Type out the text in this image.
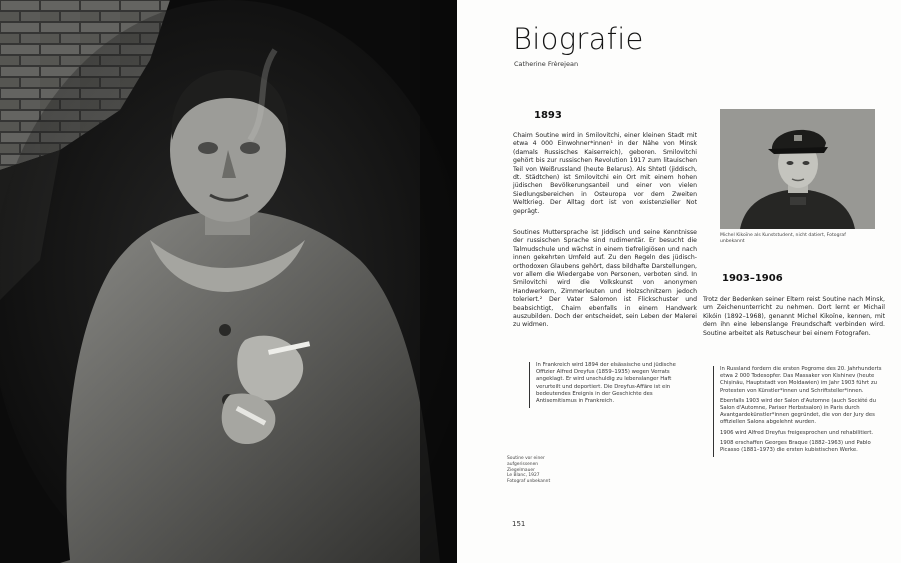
Biografie
Catherine Frèrejean
1893

Chaim Soutine wird in Smilovitchi, einer kleinen Stadt mit etwa 4 000 Einwohner*innen¹ in der Nähe von Minsk (damals Russisches Kaiserreich), geboren. Smilovitchi gehört bis zur russischen Revolution 1917 zum litauischen Teil von Weißrussland (heute Belarus). Als Shtetl (jiddisch, dt. Städtchen) ist Smilovitchi ein Ort mit einem hohen jüdischen Bevölkerungsanteil und einer von vielen Siedlungsbereichen in Osteuropa vor dem Zweiten Weltkrieg. Der Alltag dort ist von existenzieller Not geprägt.

Soutines Muttersprache ist Jiddisch und seine Kenntnisse der russischen Sprache sind rudimentär. Er besucht die Talmudschule und wächst in einem tiefreligiösen und nach innen gekehrten Umfeld auf. Zu den Regeln des jüdisch-orthodoxen Glaubens gehört, dass bildhafte Darstellungen, vor allem die Wiedergabe von Personen, verboten sind. In Smilovitchi wird die Volkskunst von anonymen Handwerkern, Zimmerleuten und Holzschnitzern jedoch toleriert.² Der Vater Salomon ist Flickschuster und beabsichtigt, Chaim ebenfalls in einem Handwerk auszubilden. Doch der entscheidet, sein Leben der Malerei zu widmen.

In Frankreich wird 1894 der elsässische und jüdische Offizier Alfred Dreyfus (1859–1935) wegen Verrats angeklagt. Er wird unschuldig zu lebenslanger Haft verurteilt und deportiert. Die Dreyfus-Affäre ist ein bedeutendes Ereignis in der Geschichte des Antisemitismus in Frankreich.

Michel Kikoïne als Kunststudent, nicht datiert, Fotograf unbekannt
1903–1906

Trotz der Bedenken seiner Eltern reist Soutine nach Minsk, um Zeichenunterricht zu nehmen. Dort lernt er Michail Kikóin (1892–1968), genannt Michel Kikoïne, kennen, mit dem ihn eine lebenslange Freundschaft verbinden wird. Soutine arbeitet als Retuscheur bei einem Fotografen.

In Russland fordern die ersten Pogrome des 20. Jahrhunderts etwa 2 000 Todesopfer. Das Massaker von Kishinev (heute Chișinău, Hauptstadt von Moldawien) im Jahr 1903 führt zu Protesten von Künstler*innen und Schriftsteller*innen.

Ebenfalls 1903 wird der Salon d'Automne (auch Société du Salon d'Automne, Pariser Herbstsalon) in Paris durch Avantgardekünstler*innen gegründet, die von der Jury des offiziellen Salons abgelehnt wurden.

1906 wird Alfred Dreyfus freigesprochen und rehabilitiert.

1908 erschaffen Georges Braque (1882–1963) und Pablo Picasso (1881–1973) die ersten kubistischen Werke.

151
Soutine vor einer
aufgerissenen Ziegelmauer
Le Blanc, 1927
Fotograf unbekannt
